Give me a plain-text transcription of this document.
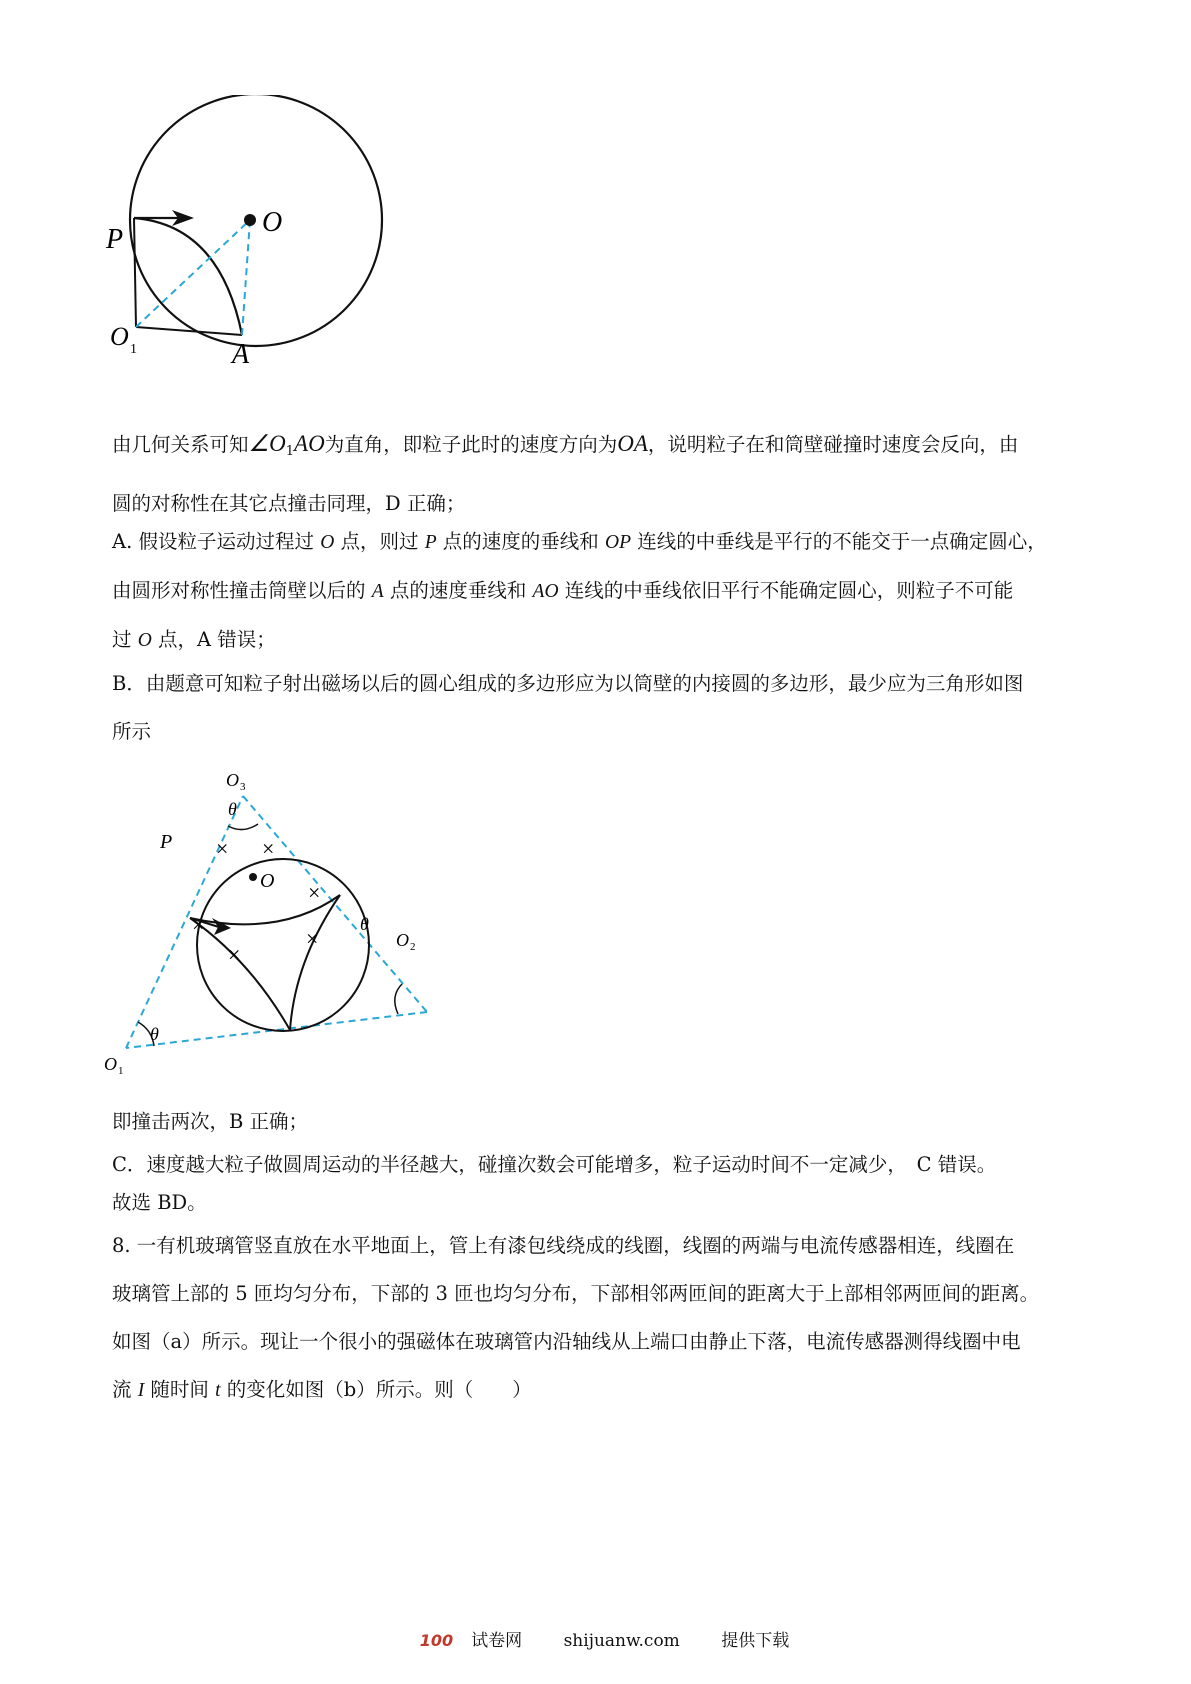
P
O
O 1	A

由几何关系可知$\angle O_1AO$为直角，即粒子此时的速度方向为OA，说明粒子在和筒壁碰撞时速度会反向，由

圆的对称性在其它点撞击同理，D 正确；

A. 假设粒子运动过程过 O 点，则过 P 点的速度的垂线和 OP 连线的中垂线是平行的不能交于一点确定圆心，

由圆形对称性撞击筒壁以后的 A 点的速度垂线和 AO 连线的中垂线依旧平行不能确定圆心，则粒子不可能

过 O 点，A 错误；

B．由题意可知粒子射出磁场以后的圆心组成的多边形应为以筒壁的内接圆的多边形，最少应为三角形如图

所示

× ×
×
×
×
×
O
P
O 3
O 2
O 1
θ
θ
θ

即撞击两次，B 正确；

C．速度越大粒子做圆周运动的半径越大，碰撞次数会可能增多，粒子运动时间不一定减少，　C 错误。

故选 BD。

8. 一有机玻璃管竖直放在水平地面上，管上有漆包线绕成的线圈，线圈的两端与电流传感器相连，线圈在

玻璃管上部的 5 匝均匀分布，下部的 3 匝也均匀分布，下部相邻两匝间的距离大于上部相邻两匝间的距离。

如图（a）所示。现让一个很小的强磁体在玻璃管内沿轴线从上端口由静止下落，电流传感器测得线圈中电

流 I 随时间 t 的变化如图（b）所示。则（　　）

100 试卷网 shijuanw.com 提供下载
